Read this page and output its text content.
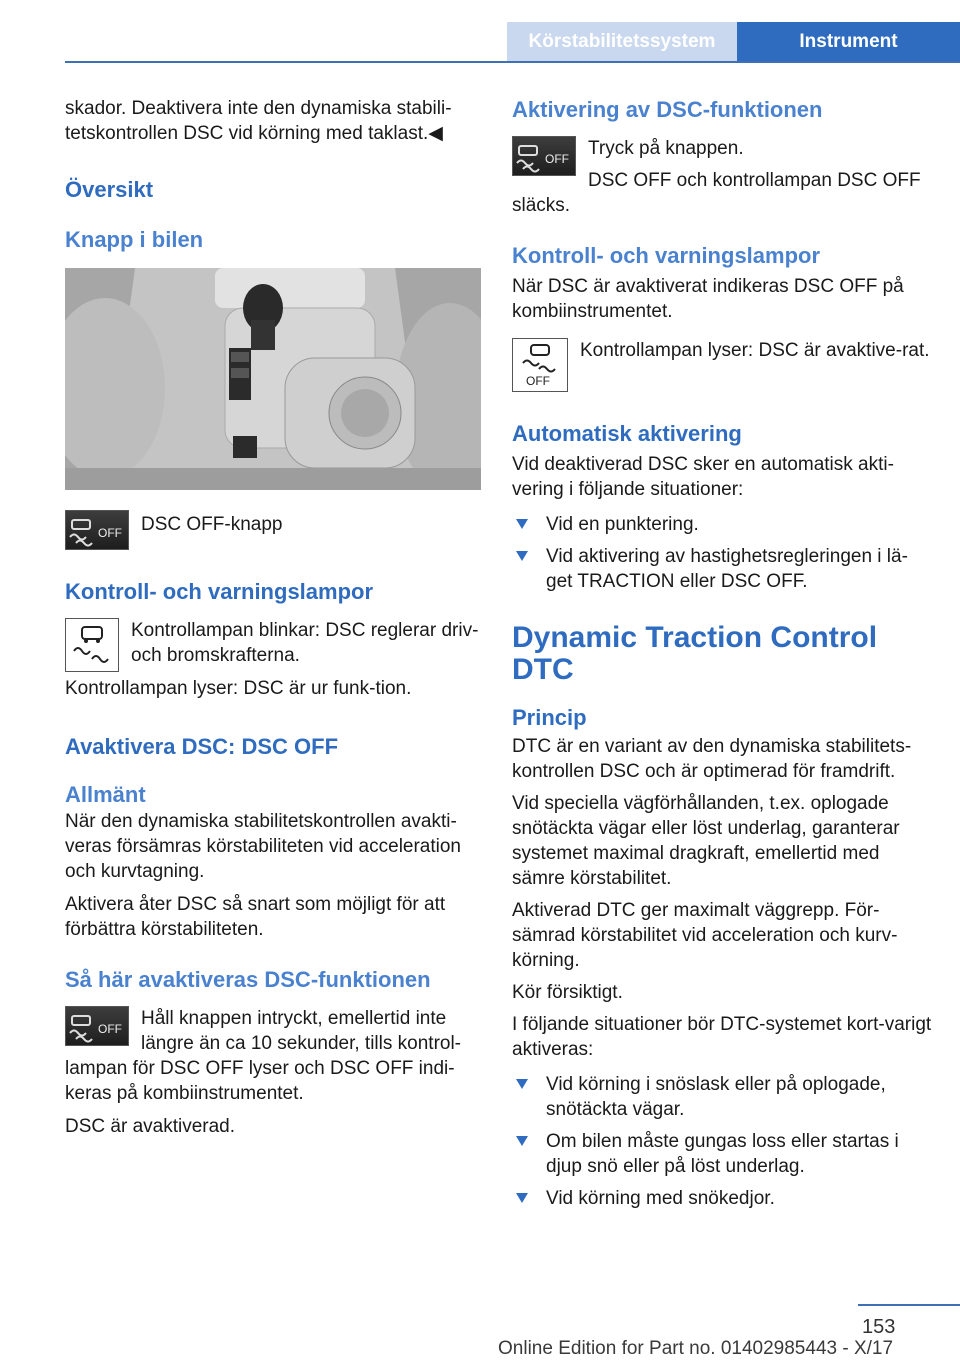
Körstabilitetssystem	Instrument

skador. Deaktivera inte den dynamiska stabili‐tetskontrollen DSC vid körning med taklast.◀

Översikt

Knapp i bilen

OFF	DSC OFF-knapp

Kontroll- och varningslampor

Kontrollampan blinkar: DSC reglerar driv- och bromskrafterna.

Kontrollampan lyser: DSC är ur funk‐tion.

Avaktivera DSC: DSC OFF

Allmänt

När den dynamiska stabilitetskontrollen avakti‐veras försämras körstabiliteten vid acceleration och kurvtagning.

Aktivera åter DSC så snart som möjligt för att förbättra körstabiliteten.

Så här avaktiveras DSC-funktionen

OFF	Håll knappen intryckt, emellertid inte längre än ca 10 sekunder, tills kontrol‐lampan för DSC OFF lyser och DSC OFF indi‐keras på kombiinstrumentet.

DSC är avaktiverad.

Aktivering av DSC-funktionen

OFF	Tryck på knappen.

DSC OFF och kontrollampan DSC OFF släcks.

Kontroll- och varningslampor

När DSC är avaktiverat indikeras DSC OFF på kombiinstrumentet.

OFF

Kontrollampan lyser: DSC är avaktive‐rat.

Automatisk aktivering

Vid deaktiverad DSC sker en automatisk akti‐vering i följande situationer:

Vid en punktering.
Vid aktivering av hastighetsregleringen i lä‐get TRACTION eller DSC OFF.

Dynamic Traction Control
DTC

Princip

DTC är en variant av den dynamiska stabilitets‐kontrollen DSC och är optimerad för framdrift.

Vid speciella vägförhållanden, t.ex. oplogade snötäckta vägar eller löst underlag, garanterar systemet maximal dragkraft, emellertid med sämre körstabilitet.

Aktiverad DTC ger maximalt väggrepp. För‐sämrad körstabilitet vid acceleration och kurv‐körning.

Kör försiktigt.

I följande situationer bör DTC-systemet kort‐varigt aktiveras:

Vid körning i snöslask eller på oplogade, snötäckta vägar.
Om bilen måste gungas loss eller startas i djup snö eller på löst underlag.
Vid körning med snökedjor.
153
Online Edition for Part no. 01402985443 - X/17
